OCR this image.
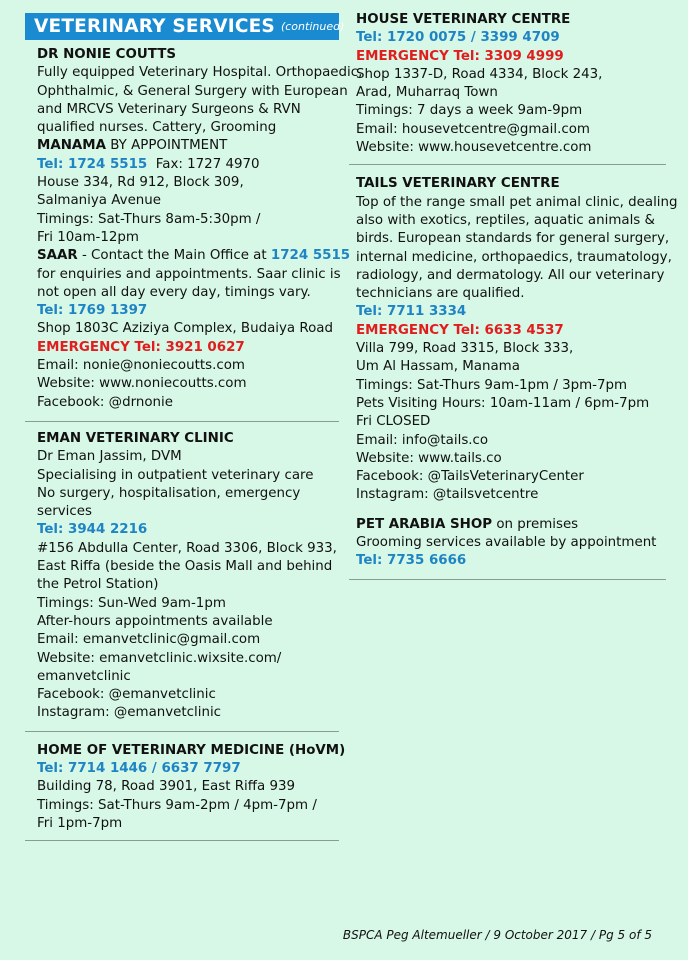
VETERINARY SERVICES (continued)
DR NONIE COUTTS
Fully equipped Veterinary Hospital. Orthopaedic,
Ophthalmic, & General Surgery with European
and MRCVS Veterinary Surgeons & RVN
qualified nurses. Cattery, Grooming
MANAMA BY APPOINTMENT
Tel: 1724 5515  Fax: 1727 4970
House 334, Rd 912, Block 309,
Salmaniya Avenue
Timings: Sat-Thurs 8am-5:30pm /
Fri 10am-12pm
SAAR - Contact the Main Office at 1724 5515
for enquiries and appointments. Saar clinic is
not open all day every day, timings vary.
Tel: 1769 1397
Shop 1803C Aziziya Complex, Budaiya Road
EMERGENCY Tel: 3921 0627
Email: nonie@noniecoutts.com
Website: www.noniecoutts.com
Facebook: @drnonie
EMAN VETERINARY CLINIC
Dr Eman Jassim, DVM
Specialising in outpatient veterinary care
No surgery, hospitalisation, emergency
services
Tel: 3944 2216
#156 Abdulla Center, Road 3306, Block 933,
East Riffa (beside the Oasis Mall and behind
the Petrol Station)
Timings: Sun-Wed 9am-1pm
After-hours appointments available
Email: emanvetclinic@gmail.com
Website: emanvetclinic.wixsite.com/
emanvetclinic
Facebook: @emanvetclinic
Instagram: @emanvetclinic
HOME OF VETERINARY MEDICINE (HoVM)
Tel: 7714 1446 / 6637 7797
Building 78, Road 3901, East Riffa 939
Timings: Sat-Thurs 9am-2pm / 4pm-7pm /
Fri 1pm-7pm
HOUSE VETERINARY CENTRE
Tel: 1720 0075 / 3399 4709
EMERGENCY Tel: 3309 4999
Shop 1337-D, Road 4334, Block 243,
Arad, Muharraq Town
Timings: 7 days a week 9am-9pm
Email: housevetcentre@gmail.com
Website: www.housevetcentre.com
TAILS VETERINARY CENTRE
Top of the range small pet animal clinic, dealing
also with exotics, reptiles, aquatic animals &
birds. European standards for general surgery,
internal medicine, orthopaedics, traumatology,
radiology, and dermatology. All our veterinary
technicians are qualified.
Tel: 7711 3334
EMERGENCY Tel: 6633 4537
Villa 799, Road 3315, Block 333,
Um Al Hassam, Manama
Timings: Sat-Thurs 9am-1pm / 3pm-7pm
Pets Visiting Hours: 10am-11am / 6pm-7pm
Fri CLOSED
Email: info@tails.co
Website: www.tails.co
Facebook: @TailsVeterinaryCenter
Instagram: @tailsvetcentre
PET ARABIA SHOP on premises
Grooming services available by appointment
Tel: 7735 6666
BSPCA Peg Altemueller / 9 October 2017 / Pg 5 of 5
